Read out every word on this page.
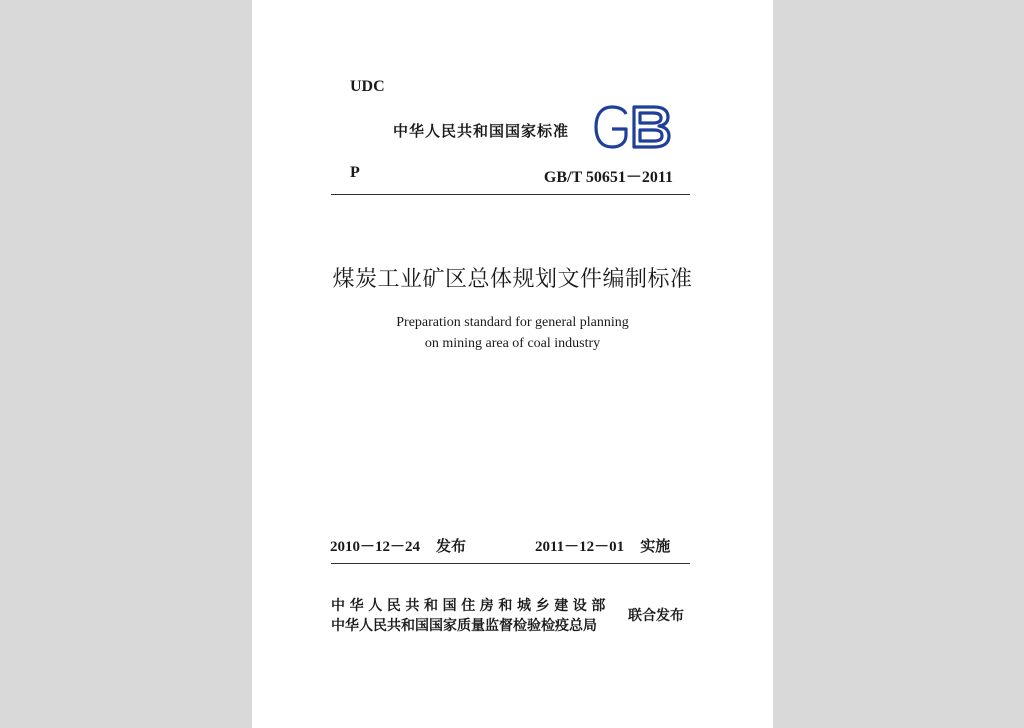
UDC
中华人民共和国国家标准
P	GB/T 50651－2011
煤炭工业矿区总体规划文件编制标准
Preparation standard for general planning
on mining area of coal industry
2010－12－24 发布	2011－12－01 实施
中华人民共和国住房和城乡建设部
中华人民共和国国家质量监督检验检疫总局
联合发布
